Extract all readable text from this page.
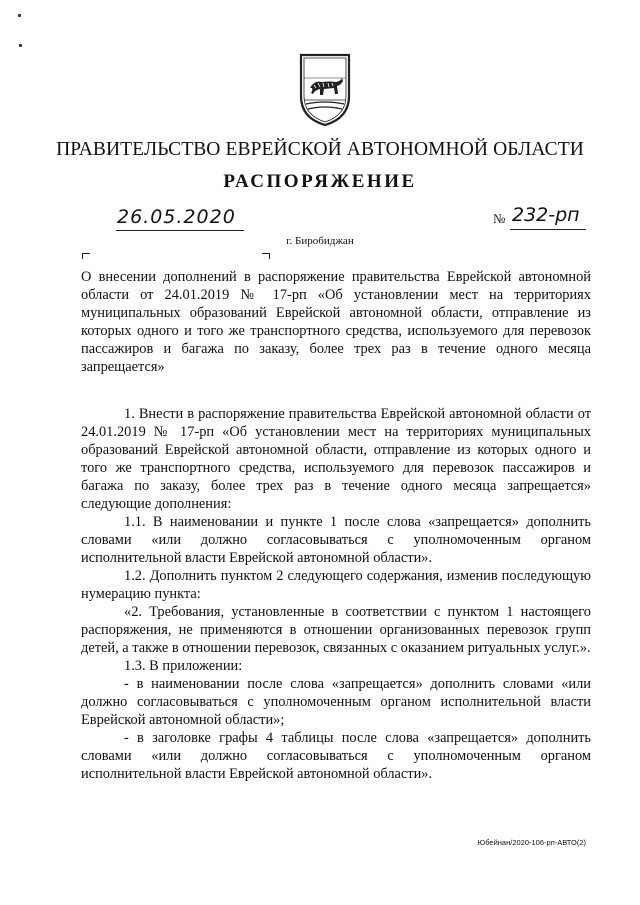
ПРАВИТЕЛЬСТВО ЕВРЕЙСКОЙ АВТОНОМНОЙ ОБЛАСТИ
РАСПОРЯЖЕНИЕ
26.05.2020	№ 232-рп
г. Биробиджан
О внесении дополнений в распоряжение правительства Еврейской автономной области от 24.01.2019 № 17-рп «Об установлении мест на территориях муниципальных образований Еврейской автономной области, отправление из которых одного и того же транспортного средства, используемого для перевозок пассажиров и багажа по заказу, более трех раз в течение одного месяца запрещается»

1. Внести в распоряжение правительства Еврейской автономной области от 24.01.2019 № 17-рп «Об установлении мест на территориях муниципальных образований Еврейской автономной области, отправление из которых одного и того же транспортного средства, используемого для перевозок пассажиров и багажа по заказу, более трех раз в течение одного месяца запрещается» следующие дополнения:

1.1. В наименовании и пункте 1 после слова «запрещается» дополнить словами «или должно согласовываться с уполномоченным органом исполнительной власти Еврейской автономной области».

1.2. Дополнить пунктом 2 следующего содержания, изменив последующую нумерацию пункта:

«2. Требования, установленные в соответствии с пунктом 1 настоящего распоряжения, не применяются в отношении организованных перевозок групп детей, а также в отношении перевозок, связанных с оказанием ритуальных услуг.».

1.3. В приложении:

- в наименовании после слова «запрещается» дополнить словами «или должно согласовываться с уполномоченным органом исполнительной власти Еврейской автономной области»;

- в заголовке графы 4 таблицы после слова «запрещается» дополнить словами «или должно согласовываться с уполномоченным органом исполнительной власти Еврейской автономной области».

Юбейнан/2020-106-рп-АВТО(2)
